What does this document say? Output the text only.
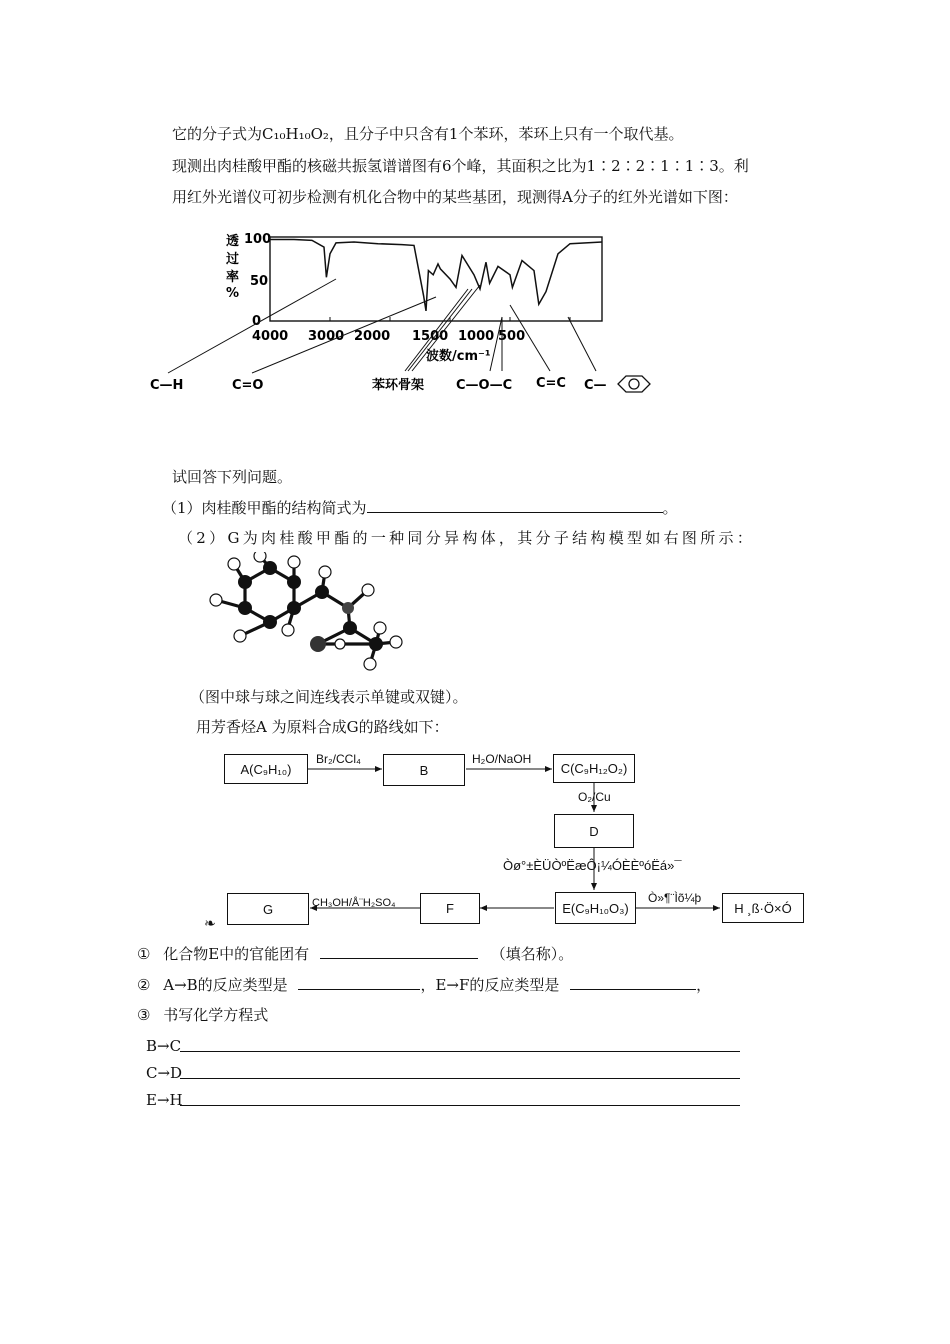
它的分子式为C₁₀H₁₀O₂，且分子中只含有1个苯环，苯环上只有一个取代基。
现测出肉桂酸甲酯的核磁共振氢谱谱图有6个峰，其面积之比为1∶2∶2∶1∶1∶3。利
用红外光谱仪可初步检测有机化合物中的某些基团，现测得A分子的红外光谱如下图：
透
过
率
%
100
50
0
4000 3000 2000 1500 1000 500
波数/cm⁻¹
C—H	C=O	苯环骨架 C—O—C C=C C—
试回答下列问题。
（1）肉桂酸甲酯的结构简式为	。
（2）G为肉桂酸甲酯的一种同分异构体，其分子结构模型如右图所示：
（图中球与球之间连线表示单键或双键）。
用芳香烃A 为原料合成G的路线如下：
A(C₉H₁₀)	B	C(C₉H₁₂O₂)
D
E(C₉H₁₀O₃)	H ¸ß·Ö×Ó
F
G
Br₂/CCl₄	H₂O/NaOH
O₂/Cu
Òø°±ÈÜÒºËæÔ¡¼ÓÈÈºóËá»¯
Ò»¶¨Ìõ¼þ
CH₃OH/Å¨H₂SO₄
❧
① 化合物E中的官能团有	（填名称）。
② A→B的反应类型是	，E→F的反应类型是	，
③ 书写化学方程式
B→C
C→D
E→H
